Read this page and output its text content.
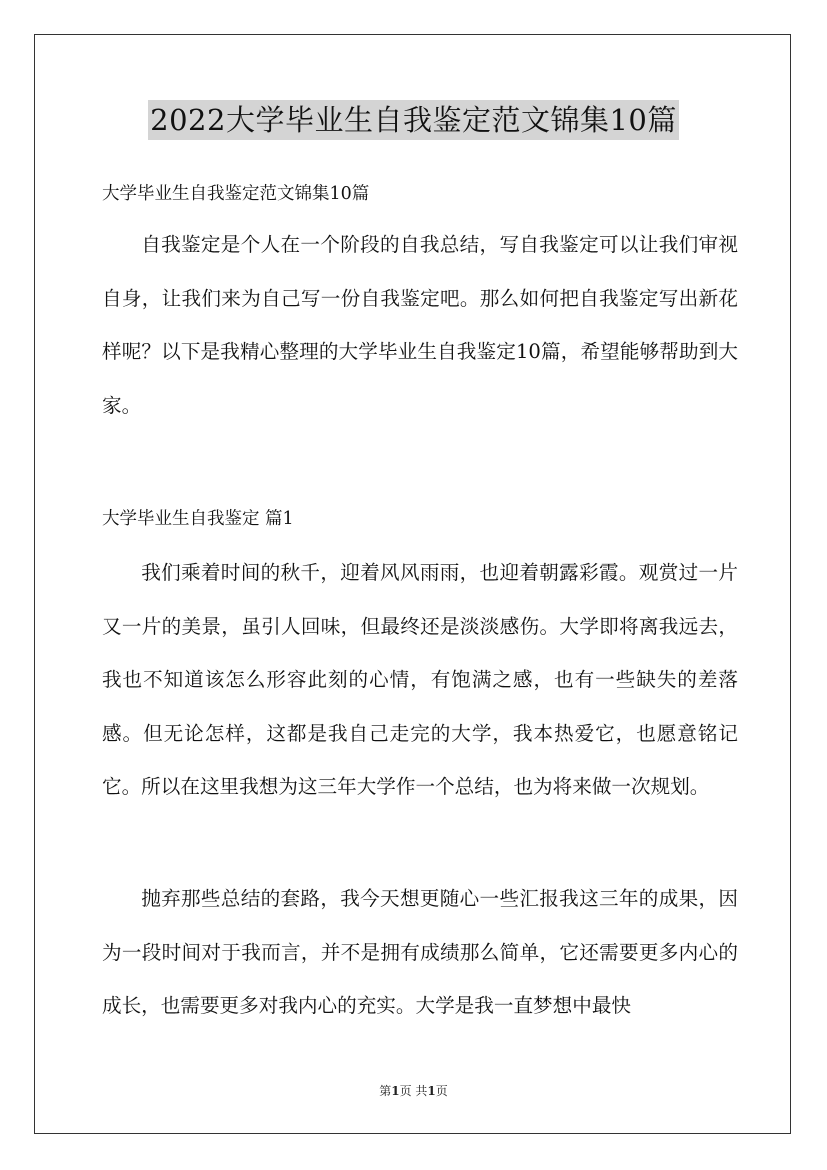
2022大学毕业生自我鉴定范文锦集10篇
大学毕业生自我鉴定范文锦集10篇

自我鉴定是个人在一个阶段的自我总结，写自我鉴定可以让我们审视自身，让我们来为自己写一份自我鉴定吧。那么如何把自我鉴定写出新花样呢？以下是我精心整理的大学毕业生自我鉴定10篇，希望能够帮助到大家。

大学毕业生自我鉴定 篇1

我们乘着时间的秋千，迎着风风雨雨，也迎着朝露彩霞。观赏过一片又一片的美景，虽引人回味，但最终还是淡淡感伤。大学即将离我远去，我也不知道该怎么形容此刻的心情，有饱满之感，也有一些缺失的差落感。但无论怎样，这都是我自己走完的大学，我本热爱它，也愿意铭记它。所以在这里我想为这三年大学作一个总结，也为将来做一次规划。

抛弃那些总结的套路，我今天想更随心一些汇报我这三年的成果，因为一段时间对于我而言，并不是拥有成绩那么简单，它还需要更多内心的成长，也需要更多对我内心的充实。大学是我一直梦想中最快

第1页 共1页
